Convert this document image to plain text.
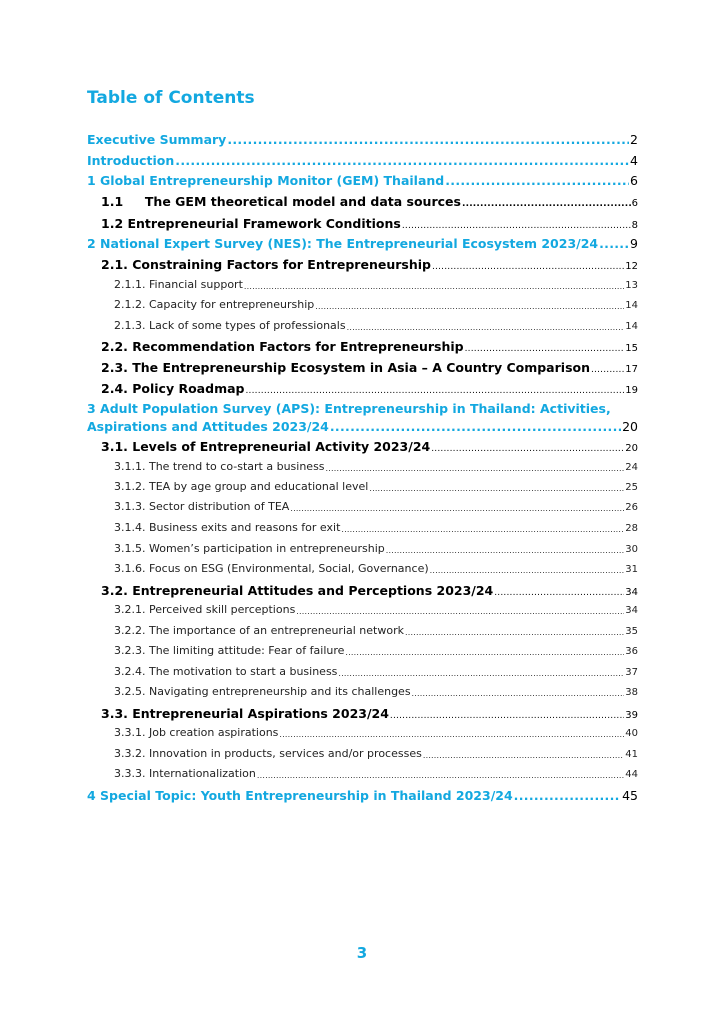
Table of Contents
Executive Summary .....	2
Introduction .....	4
1 Global Entrepreneurship Monitor (GEM) Thailand .....	6
1.1     The GEM theoretical model and data sources .....	6
1.2 Entrepreneurial Framework Conditions .....	8
2 National Expert Survey (NES): The Entrepreneurial Ecosystem 2023/24 .....	9
2.1. Constraining Factors for Entrepreneurship .....	12
2.1.1. Financial support .....	13
2.1.2. Capacity for entrepreneurship .....	14
2.1.3. Lack of some types of professionals .....	14
2.2. Recommendation Factors for Entrepreneurship .....	15
2.3. The Entrepreneurship Ecosystem in Asia – A Country Comparison .....	17
2.4. Policy Roadmap .....	19
3 Adult Population Survey (APS): Entrepreneurship in Thailand: Activities,
Aspirations and Attitudes 2023/24 .....	20
3.1. Levels of Entrepreneurial Activity 2023/24 .....	20
3.1.1. The trend to co-start a business .....	24
3.1.2. TEA by age group and educational level .....	25
3.1.3. Sector distribution of TEA .....	26
3.1.4. Business exits and reasons for exit .....	28
3.1.5. Women’s participation in entrepreneurship .....	30
3.1.6. Focus on ESG (Environmental, Social, Governance) .....	31
3.2. Entrepreneurial Attitudes and Perceptions 2023/24 .....	34
3.2.1. Perceived skill perceptions .....	34
3.2.2. The importance of an entrepreneurial network .....	35
3.2.3. The limiting attitude: Fear of failure .....	36
3.2.4. The motivation to start a business .....	37
3.2.5. Navigating entrepreneurship and its challenges .....	38
3.3. Entrepreneurial Aspirations 2023/24 .....	39
3.3.1. Job creation aspirations .....	40
3.3.2. Innovation in products, services and/or processes .....	41
3.3.3. Internationalization .....	44
4 Special Topic: Youth Entrepreneurship in Thailand 2023/24 .....	45
3
